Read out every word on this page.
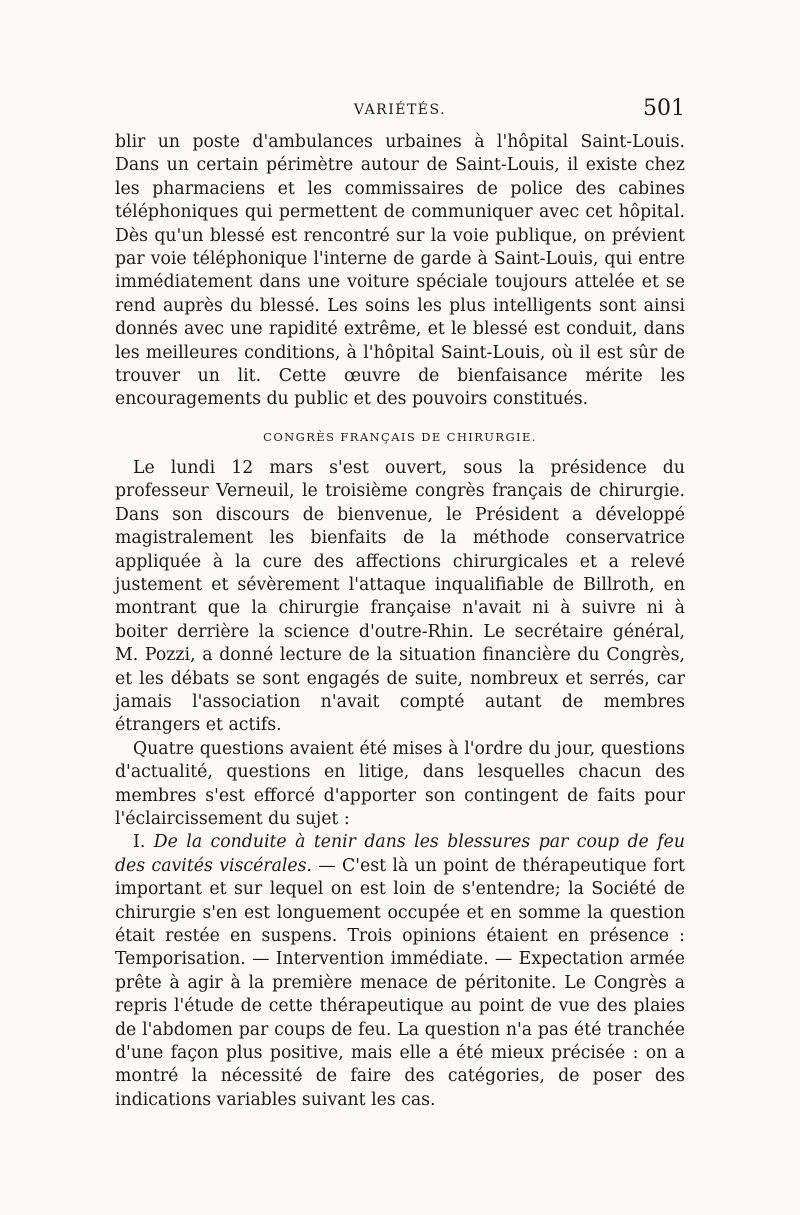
VARIÉTÉS.	501

blir un poste d'ambulances urbaines à l'hôpital Saint-Louis. Dans un certain périmètre autour de Saint-Louis, il existe chez les pharmaciens et les commissaires de police des cabines téléphoniques qui permettent de communiquer avec cet hôpital. Dès qu'un blessé est rencontré sur la voie publique, on prévient par voie téléphonique l'interne de garde à Saint-Louis, qui entre immédiatement dans une voiture spéciale toujours attelée et se rend auprès du blessé. Les soins les plus intelligents sont ainsi donnés avec une rapidité extrême, et le blessé est conduit, dans les meilleures conditions, à l'hôpital Saint-Louis, où il est sûr de trouver un lit. Cette œuvre de bienfaisance mérite les encouragements du public et des pouvoirs constitués.

CONGRÈS FRANÇAIS DE CHIRURGIE.

Le lundi 12 mars s'est ouvert, sous la présidence du professeur Verneuil, le troisième congrès français de chirurgie. Dans son discours de bienvenue, le Président a développé magistralement les bienfaits de la méthode conservatrice appliquée à la cure des affections chirurgicales et a relevé justement et sévèrement l'attaque inqualifiable de Billroth, en montrant que la chirurgie française n'avait ni à suivre ni à boiter derrière la science d'outre-Rhin. Le secrétaire général, M. Pozzi, a donné lecture de la situation financière du Congrès, et les débats se sont engagés de suite, nombreux et serrés, car jamais l'association n'avait compté autant de membres étrangers et actifs.

Quatre questions avaient été mises à l'ordre du jour, questions d'actualité, questions en litige, dans lesquelles chacun des membres s'est efforcé d'apporter son contingent de faits pour l'éclaircissement du sujet :

I. De la conduite à tenir dans les blessures par coup de feu des cavités viscérales. — C'est là un point de thérapeutique fort important et sur lequel on est loin de s'entendre; la Société de chirurgie s'en est longuement occupée et en somme la question était restée en suspens. Trois opinions étaient en présence : Temporisation. — Intervention immédiate. — Expectation armée prête à agir à la première menace de péritonite. Le Congrès a repris l'étude de cette thérapeutique au point de vue des plaies de l'abdomen par coups de feu. La question n'a pas été tranchée d'une façon plus positive, mais elle a été mieux précisée : on a montré la nécessité de faire des catégories, de poser des indications variables suivant les cas.
